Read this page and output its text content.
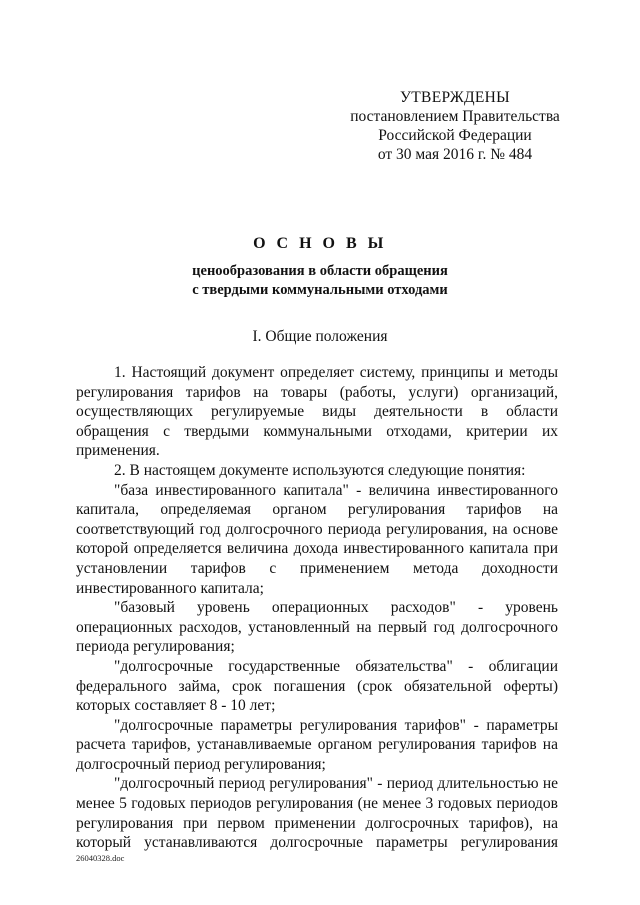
УТВЕРЖДЕНЫ
постановлением Правительства
Российской Федерации
от 30 мая 2016 г. № 484
О С Н О В Ы
ценообразования в области обращения
с твердыми коммунальными отходами
I. Общие положения

1. Настоящий документ определяет систему, принципы и методы регулирования тарифов на товары (работы, услуги) организаций, осуществляющих регулируемые виды деятельности в области обращения с твердыми коммунальными отходами, критерии их применения.

2. В настоящем документе используются следующие понятия:

"база инвестированного капитала" - величина инвестированного капитала, определяемая органом регулирования тарифов на соответствующий год долгосрочного периода регулирования, на основе которой определяется величина дохода инвестированного капитала при установлении тарифов с применением метода доходности инвестированного капитала;

"базовый уровень операционных расходов" - уровень операционных расходов, установленный на первый год долгосрочного периода регулирования;

"долгосрочные государственные обязательства" - облигации федерального займа, срок погашения (срок обязательной оферты) которых составляет 8 - 10 лет;

"долгосрочные параметры регулирования тарифов" - параметры расчета тарифов, устанавливаемые органом регулирования тарифов на долгосрочный период регулирования;

"долгосрочный период регулирования" - период длительностью не менее 5 годовых периодов регулирования (не менее 3 годовых периодов регулирования при первом применении долгосрочных тарифов), на который устанавливаются долгосрочные параметры регулирования

26040328.doc
